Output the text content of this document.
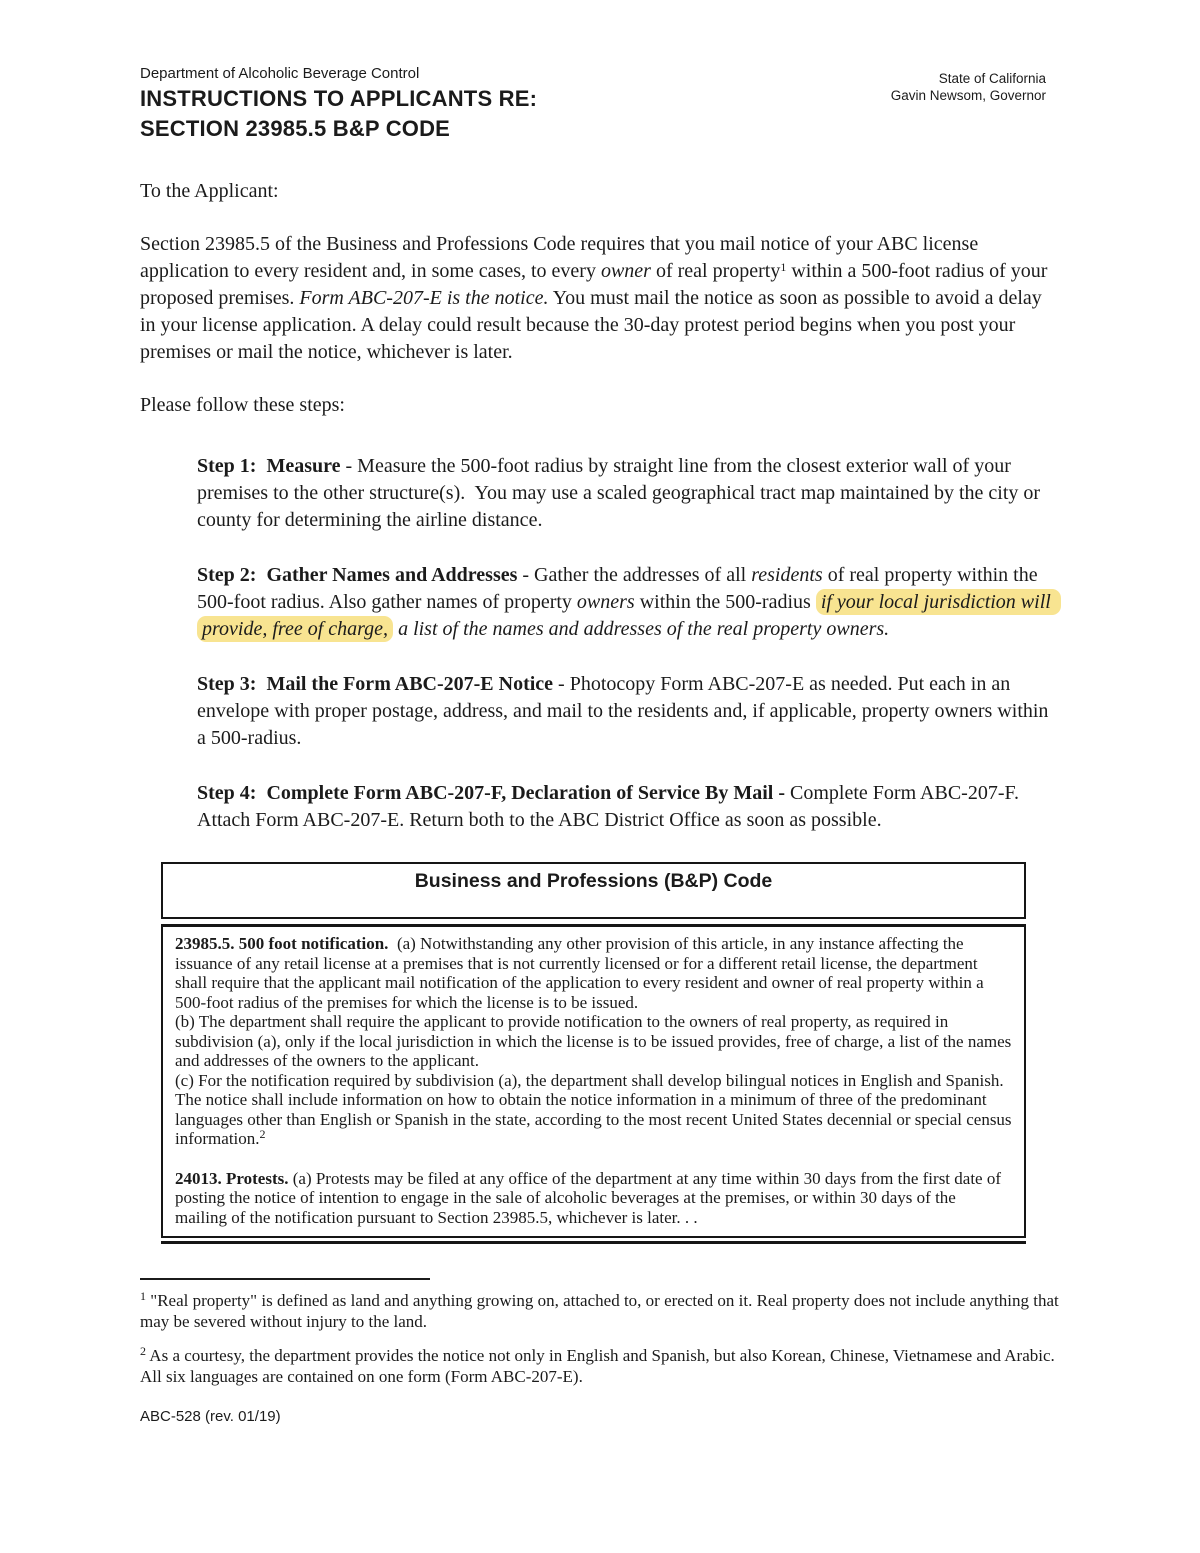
Department of Alcoholic Beverage Control
INSTRUCTIONS TO APPLICANTS RE:
SECTION 23985.5 B&P CODE
State of California
Gavin Newsom, Governor

To the Applicant:

Section 23985.5 of the Business and Professions Code requires that you mail notice of your ABC license application to every resident and, in some cases, to every owner of real property$^1$ within a 500-foot radius of your proposed premises. Form ABC-207-E is the notice. You must mail the notice as soon as possible to avoid a delay in your license application. A delay could result because the 30-day protest period begins when you post your premises or mail the notice, whichever is later.

Please follow these steps:

Step 1:  Measure - Measure the 500-foot radius by straight line from the closest exterior wall of your premises to the other structure(s).  You may use a scaled geographical tract map maintained by the city or county for determining the airline distance.

Step 2:  Gather Names and Addresses - Gather the addresses of all residents of real property within the 500-foot radius. Also gather names of property owners within the 500-radius if your local jurisdiction will provide, free of charge, a list of the names and addresses of the real property owners.

Step 3:  Mail the Form ABC-207-E Notice - Photocopy Form ABC-207-E as needed. Put each in an envelope with proper postage, address, and mail to the residents and, if applicable, property owners within a 500-radius.

Step 4:  Complete Form ABC-207-F, Declaration of Service By Mail - Complete Form ABC-207-F. Attach Form ABC-207-E. Return both to the ABC District Office as soon as possible.

Business and Professions (B&P) Code

23985.5. 500 foot notification.  (a) Notwithstanding any other provision of this article, in any instance affecting the issuance of any retail license at a premises that is not currently licensed or for a different retail license, the department shall require that the applicant mail notification of the application to every resident and owner of real property within a 500-foot radius of the premises for which the license is to be issued.

(b) The department shall require the applicant to provide notification to the owners of real property, as required in subdivision (a), only if the local jurisdiction in which the license is to be issued provides, free of charge, a list of the names and addresses of the owners to the applicant.

(c) For the notification required by subdivision (a), the department shall develop bilingual notices in English and Spanish.  The notice shall include information on how to obtain the notice information in a minimum of three of the predominant languages other than English or Spanish in the state, according to the most recent United States decennial or special census information.$^2$

24013. Protests. (a) Protests may be filed at any office of the department at any time within 30 days from the first date of posting the notice of intention to engage in the sale of alcoholic beverages at the premises, or within 30 days of the mailing of the notification pursuant to Section 23985.5, whichever is later. . .

$^1$ "Real property" is defined as land and anything growing on, attached to, or erected on it. Real property does not include anything that may be severed without injury to the land.

$^2$ As a courtesy, the department provides the notice not only in English and Spanish, but also Korean, Chinese, Vietnamese and Arabic.  All six languages are contained on one form (Form ABC-207-E).

ABC-528 (rev. 01/19)
